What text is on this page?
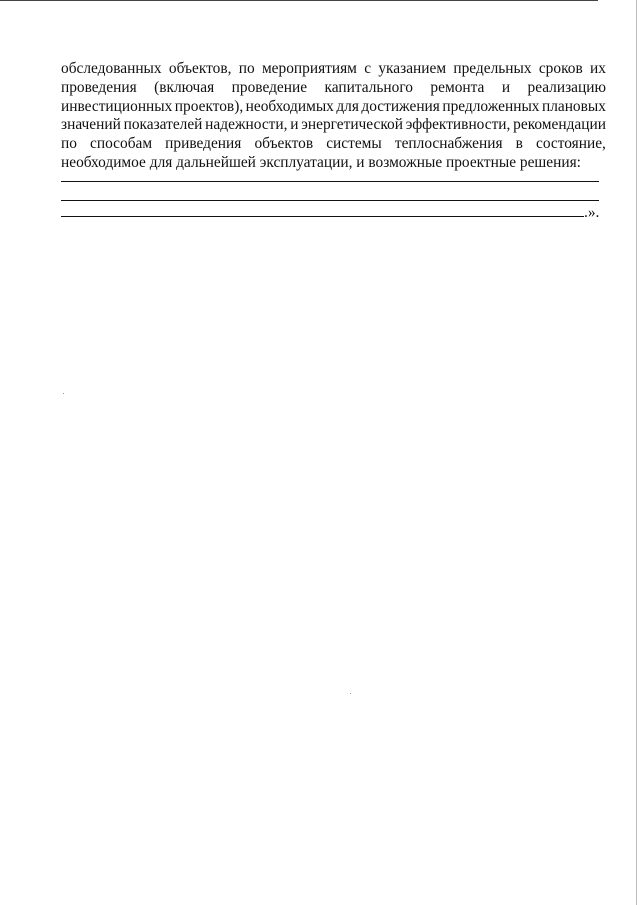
обследованных объектов, по мероприятиям с указанием предельных сроков их
проведения (включая проведение капитального ремонта и реализацию
инвестиционных проектов), необходимых для достижения предложенных плановых
значений показателей надежности, и энергетической эффективности, рекомендации
по способам приведения объектов системы теплоснабжения в состояние,
необходимое для дальнейшей эксплуатации, и возможные проектные решения:
.».
